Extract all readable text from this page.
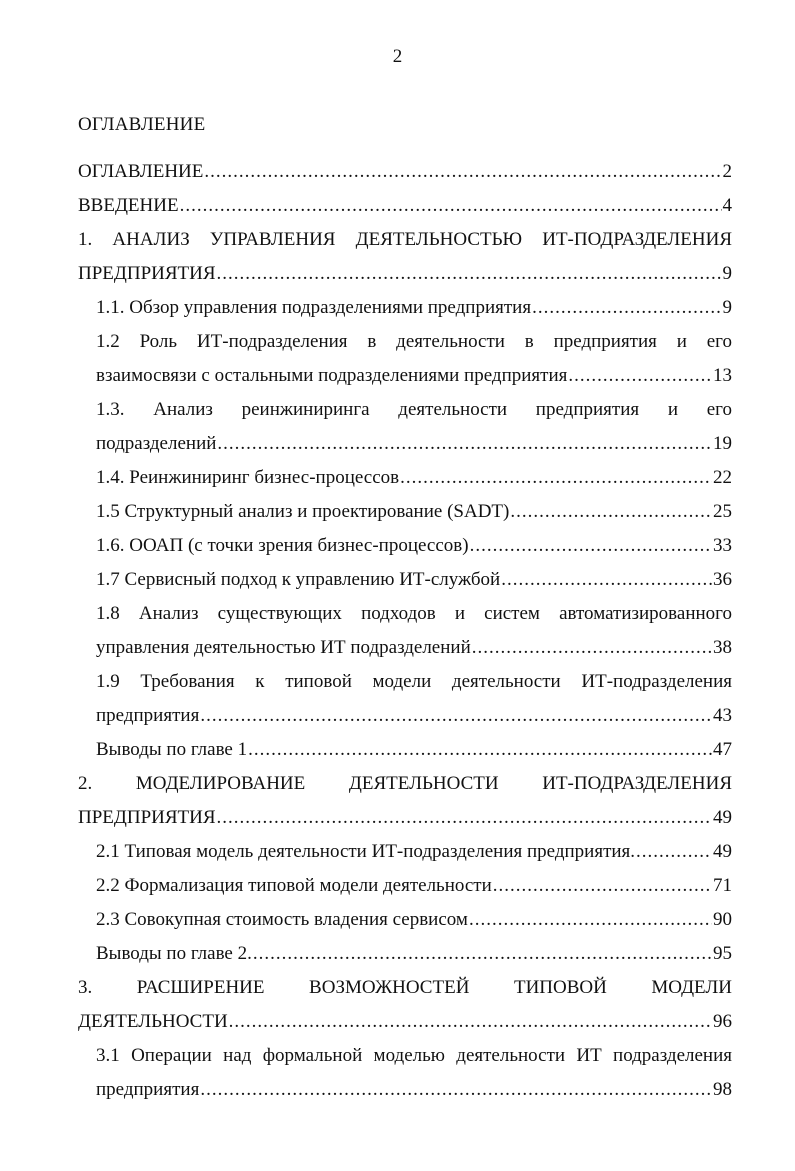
2
ОГЛАВЛЕНИЕ
ОГЛАВЛЕНИЕ .....	2
ВВЕДЕНИЕ .....	4
1. АНАЛИЗ УПРАВЛЕНИЯ ДЕЯТЕЛЬНОСТЬЮ ИТ-ПОДРАЗДЕЛЕНИЯ
ПРЕДПРИЯТИЯ .....	9
1.1. Обзор управления подразделениями предприятия .....	9
1.2 Роль ИТ-подразделения в деятельности в предприятия и его
взаимосвязи с остальными подразделениями предприятия .....	13
1.3. Анализ реинжиниринга деятельности предприятия и его
подразделений .....	19
1.4. Реинжиниринг бизнес-процессов .....	22
1.5 Структурный анализ и проектирование (SADT) .....	25
1.6. ООАП (с точки зрения бизнес-процессов) .....	33
1.7 Сервисный подход к управлению ИТ-службой .....	36
1.8 Анализ существующих подходов и систем автоматизированного
управления деятельностью ИТ подразделений .....	38
1.9 Требования к типовой модели деятельности ИТ-подразделения
предприятия .....	43
Выводы по главе 1 .....	47
2. МОДЕЛИРОВАНИЕ ДЕЯТЕЛЬНОСТИ ИТ-ПОДРАЗДЕЛЕНИЯ
ПРЕДПРИЯТИЯ .....	49
2.1 Типовая модель деятельности ИТ-подразделения предприятия. .....	49
2.2 Формализация типовой модели деятельности .....	71
2.3 Совокупная стоимость владения сервисом .....	90
Выводы по главе 2. .....	95
3. РАСШИРЕНИЕ ВОЗМОЖНОСТЕЙ ТИПОВОЙ МОДЕЛИ
ДЕЯТЕЛЬНОСТИ .....	96
3.1 Операции над формальной моделью деятельности ИТ подразделения
предприятия .....	98
